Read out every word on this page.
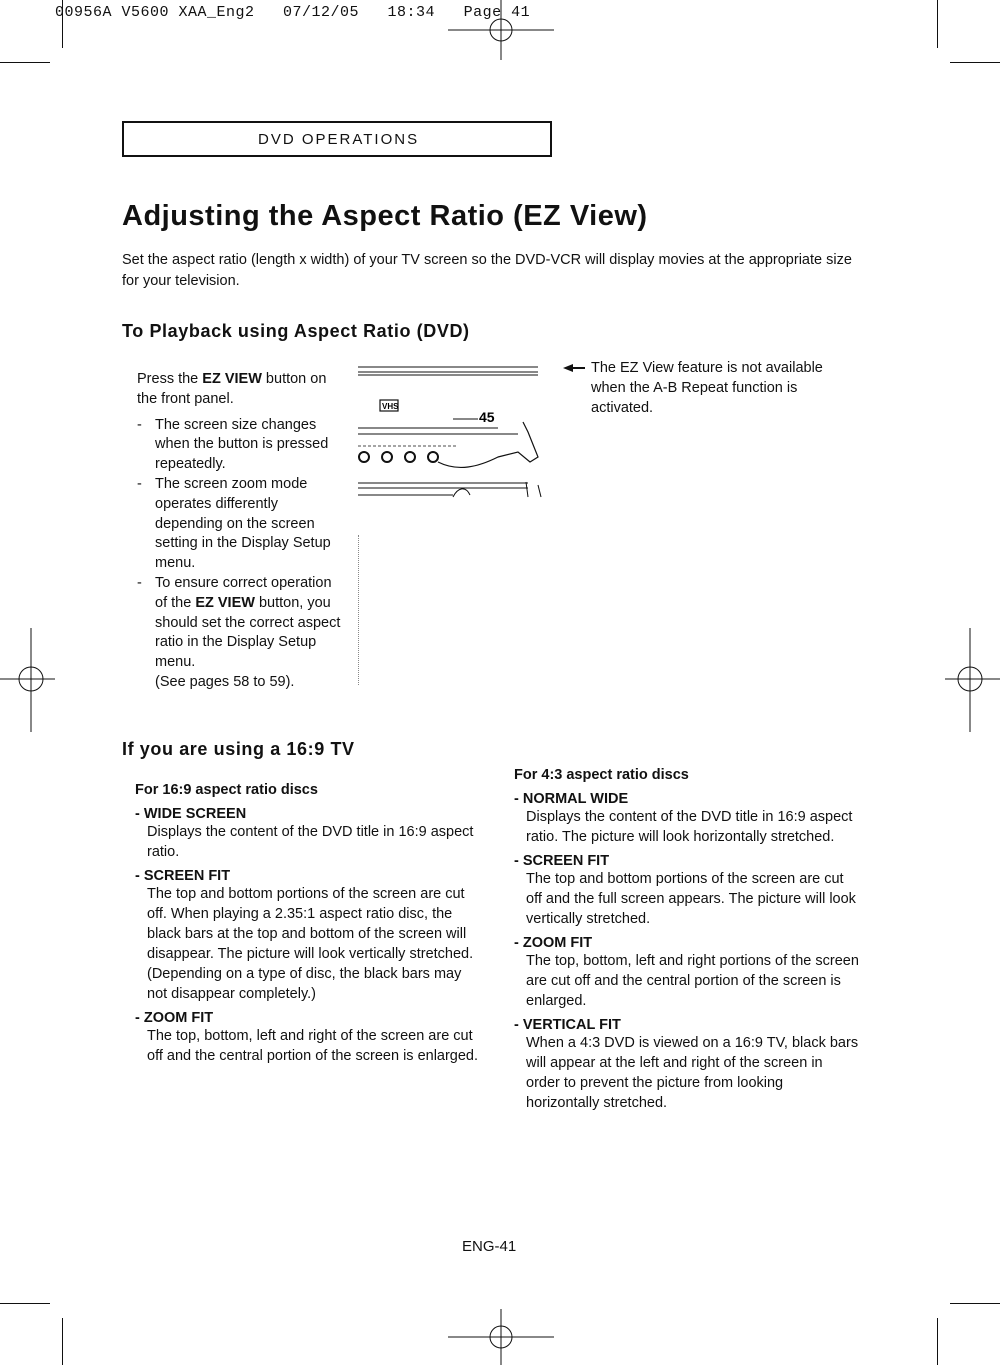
00956A V5600 XAA_Eng2   07/12/05   18:34   Page 41
DVD OPERATIONS
Adjusting the Aspect Ratio (EZ View)
Set the aspect ratio (length x width) of your TV screen so the DVD-VCR will display movies at the appropriate size for your television.
To Playback using Aspect Ratio (DVD)
Press the EZ VIEW button on the front panel.
- The screen size changes when the button is pressed repeatedly.
- The screen zoom mode operates differently depending on the screen setting in the Display Setup menu.
- To ensure correct operation of the EZ VIEW button, you should set the correct aspect ratio in the Display Setup menu.
(See pages 58 to 59).
VHS
45
The EZ View feature is not available when the A-B Repeat function is activated.
If you are using a 16:9 TV
For 16:9 aspect ratio discs
- WIDE SCREEN
Displays the content of the DVD title in 16:9 aspect ratio.
- SCREEN FIT
The top and bottom portions of the screen are cut off. When playing a 2.35:1 aspect ratio disc, the black bars at the top and bottom of the screen will disappear. The picture will look vertically stretched. (Depending on a type of disc, the black bars may not disappear completely.)
- ZOOM FIT
The top, bottom, left and right of the screen are cut off and the central portion of the screen is enlarged.
For 4:3 aspect ratio discs
- NORMAL WIDE
Displays the content of the DVD title in 16:9 aspect ratio. The picture will look horizontally stretched.
- SCREEN FIT
The top and bottom portions of the screen are cut off and the full screen appears. The picture will look vertically stretched.
- ZOOM FIT
The top, bottom, left and right portions of the screen are cut off and the central portion of the screen is enlarged.
- VERTICAL FIT
When a 4:3 DVD is viewed on a 16:9 TV, black bars will appear at the left and right of the screen in order to prevent the picture from looking horizontally stretched.
ENG-41
